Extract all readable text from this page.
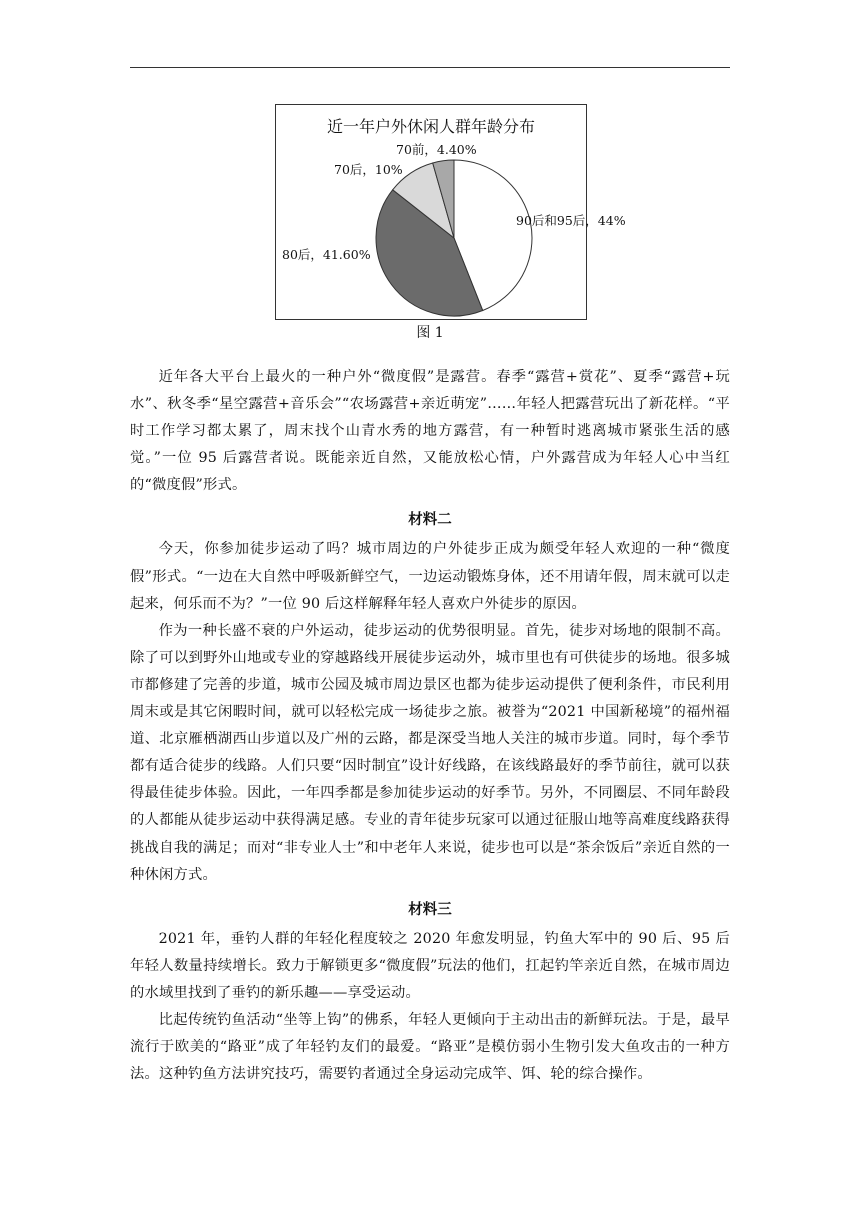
近一年户外休闲人群年龄分布
90后和95后，44%
80后，41.60%
70后，10%
70前，4.40%
图 1

近年各大平台上最火的一种户外“微度假”是露营。春季“露营+赏花”、夏季“露营+玩水”、秋冬季“星空露营+音乐会”“农场露营+亲近萌宠”……年轻人把露营玩出了新花样。“平时工作学习都太累了，周末找个山青水秀的地方露营，有一种暂时逃离城市紧张生活的感觉。”一位 95 后露营者说。既能亲近自然，又能放松心情，户外露营成为年轻人心中当红的“微度假”形式。

材料二

今天，你参加徒步运动了吗？城市周边的户外徒步正成为颇受年轻人欢迎的一种“微度假”形式。“一边在大自然中呼吸新鲜空气，一边运动锻炼身体，还不用请年假，周末就可以走起来，何乐而不为？”一位 90 后这样解释年轻人喜欢户外徒步的原因。

作为一种长盛不衰的户外运动，徒步运动的优势很明显。首先，徒步对场地的限制不高。除了可以到野外山地或专业的穿越路线开展徒步运动外，城市里也有可供徒步的场地。很多城市都修建了完善的步道，城市公园及城市周边景区也都为徒步运动提供了便利条件，市民利用周末或是其它闲暇时间，就可以轻松完成一场徒步之旅。被誉为“2021 中国新秘境”的福州福道、北京雁栖湖西山步道以及广州的云路，都是深受当地人关注的城市步道。同时，每个季节都有适合徒步的线路。人们只要“因时制宜”设计好线路，在该线路最好的季节前往，就可以获得最佳徒步体验。因此，一年四季都是参加徒步运动的好季节。另外，不同圈层、不同年龄段的人都能从徒步运动中获得满足感。专业的青年徒步玩家可以通过征服山地等高难度线路获得挑战自我的满足；而对“非专业人士”和中老年人来说，徒步也可以是“茶余饭后”亲近自然的一种休闲方式。

材料三

2021 年，垂钓人群的年轻化程度较之 2020 年愈发明显，钓鱼大军中的 90 后、95 后年轻人数量持续增长。致力于解锁更多“微度假”玩法的他们，扛起钓竿亲近自然，在城市周边的水域里找到了垂钓的新乐趣——享受运动。

比起传统钓鱼活动“坐等上钩”的佛系，年轻人更倾向于主动出击的新鲜玩法。于是，最早流行于欧美的“路亚”成了年轻钓友们的最爱。“路亚”是模仿弱小生物引发大鱼攻击的一种方法。这种钓鱼方法讲究技巧，需要钓者通过全身运动完成竿、饵、轮的综合操作。
